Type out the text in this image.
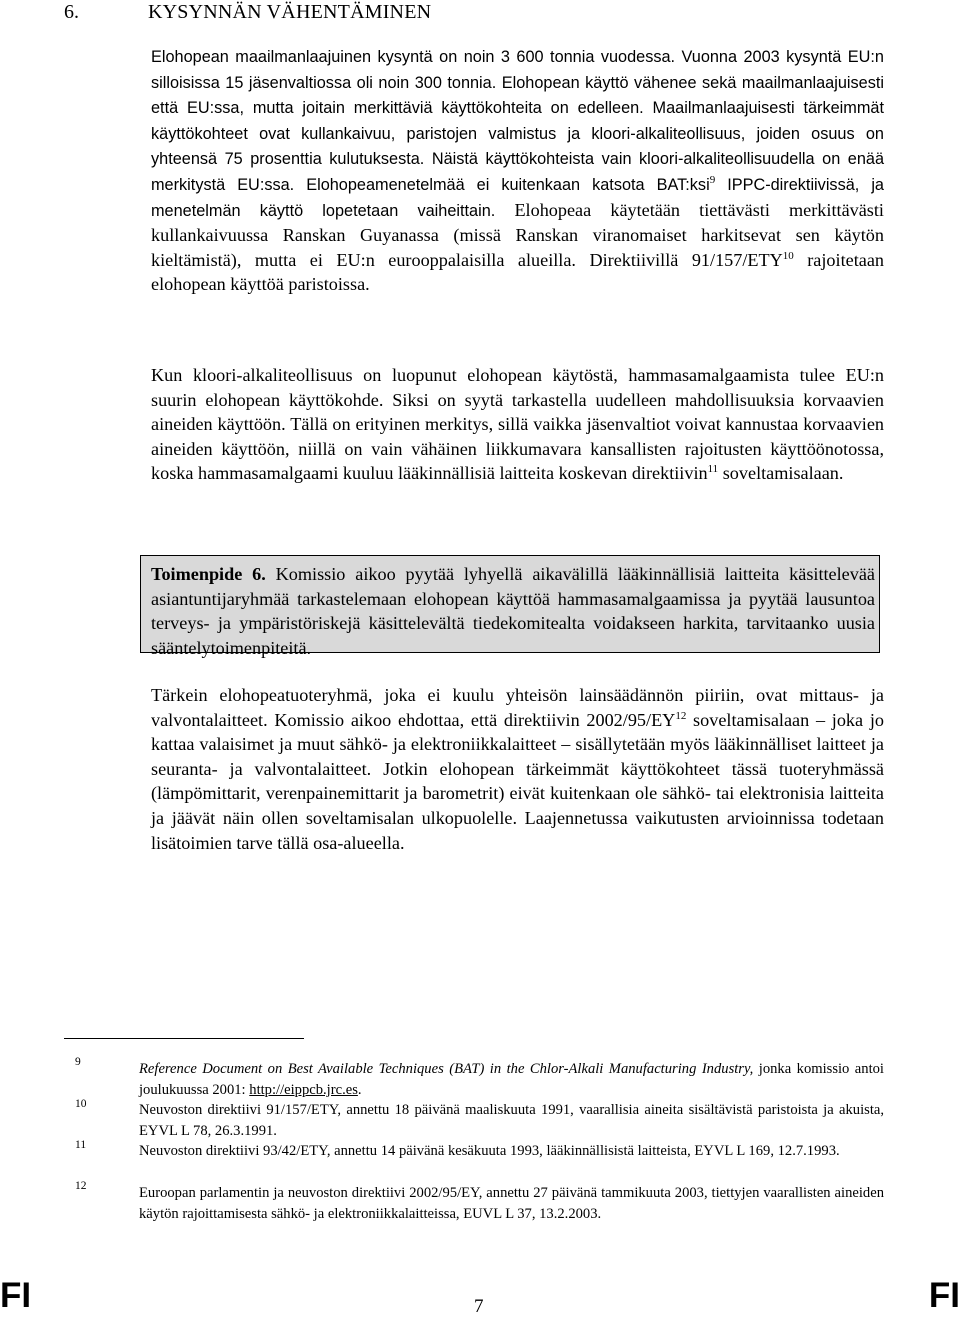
6.	KYSYNNÄN VÄHENTÄMINEN

Elohopean maailmanlaajuinen kysyntä on noin 3 600 tonnia vuodessa. Vuonna 2003 kysyntä EU:n silloisissa 15 jäsenvaltiossa oli noin 300 tonnia. Elohopean käyttö vähenee sekä maailmanlaajuisesti että EU:ssa, mutta joitain merkittäviä käyttökohteita on edelleen. Maailmanlaajuisesti tärkeimmät käyttökohteet ovat kullankaivuu, paristojen valmistus ja kloori-alkaliteollisuus, joiden osuus on yhteensä 75 prosenttia kulutuksesta. Näistä käyttökohteista vain kloori-alkaliteollisuudella on enää merkitystä EU:ssa. Elohopeamenetelmää ei kuitenkaan katsota BAT:ksi$^9$ IPPC-direktiivissä, ja menetelmän käyttö lopetetaan vaiheittain. Elohopeaa käytetään tiettävästi merkittävästi kullankaivuussa Ranskan Guyanassa (missä Ranskan viranomaiset harkitsevat sen käytön kieltämistä), mutta ei EU:n eurooppalaisilla alueilla. Direktiivillä 91/157/ETY$^{10}$ rajoitetaan elohopean käyttöä paristoissa.

Kun kloori-alkaliteollisuus on luopunut elohopean käytöstä, hammasamalgaamista tulee EU:n suurin elohopean käyttökohde. Siksi on syytä tarkastella uudelleen mahdollisuuksia korvaavien aineiden käyttöön. Tällä on erityinen merkitys, sillä vaikka jäsenvaltiot voivat kannustaa korvaavien aineiden käyttöön, niillä on vain vähäinen liikkumavara kansallisten rajoitusten käyttöönotossa, koska hammasamalgaami kuuluu lääkinnällisiä laitteita koskevan direktiivin$^{11}$ soveltamisalaan.

Toimenpide 6. Komissio aikoo pyytää lyhyellä aikavälillä lääkinnällisiä laitteita käsittelevää asiantuntijaryhmää tarkastelemaan elohopean käyttöä hammasamalgaamissa ja pyytää lausuntoa terveys- ja ympäristöriskejä käsittelevältä tiedekomitealta voidakseen harkita, tarvitaanko uusia sääntelytoimenpiteitä.

Tärkein elohopeatuoteryhmä, joka ei kuulu yhteisön lainsäädännön piiriin, ovat mittaus- ja valvontalaitteet. Komissio aikoo ehdottaa, että direktiivin 2002/95/EY$^{12}$ soveltamisalaan – joka jo kattaa valaisimet ja muut sähkö- ja elektroniikkalaitteet – sisällytetään myös lääkinnälliset laitteet ja seuranta- ja valvontalaitteet. Jotkin elohopean tärkeimmät käyttökohteet tässä tuoteryhmässä (lämpömittarit, verenpainemittarit ja barometrit) eivät kuitenkaan ole sähkö- tai elektronisia laitteita ja jäävät näin ollen soveltamisalan ulkopuolelle. Laajennetussa vaikutusten arvioinnissa todetaan lisätoimien tarve tällä osa-alueella.

9	Reference Document on Best Available Techniques (BAT) in the Chlor-Alkali Manufacturing Industry, jonka komissio antoi joulukuussa 2001: http://eippcb.jrc.es.

10	Neuvoston direktiivi 91/157/ETY, annettu 18 päivänä maaliskuuta 1991, vaarallisia aineita sisältävistä paristoista ja akuista, EYVL L 78, 26.3.1991.

11	Neuvoston direktiivi 93/42/ETY, annettu 14 päivänä kesäkuuta 1993, lääkinnällisistä laitteista, EYVL L 169, 12.7.1993.

12	Euroopan parlamentin ja neuvoston direktiivi 2002/95/EY, annettu 27 päivänä tammikuuta 2003, tiettyjen vaarallisten aineiden käytön rajoittamisesta sähkö- ja elektroniikkalaitteissa, EUVL L 37, 13.2.2003.

FI	7	FI
